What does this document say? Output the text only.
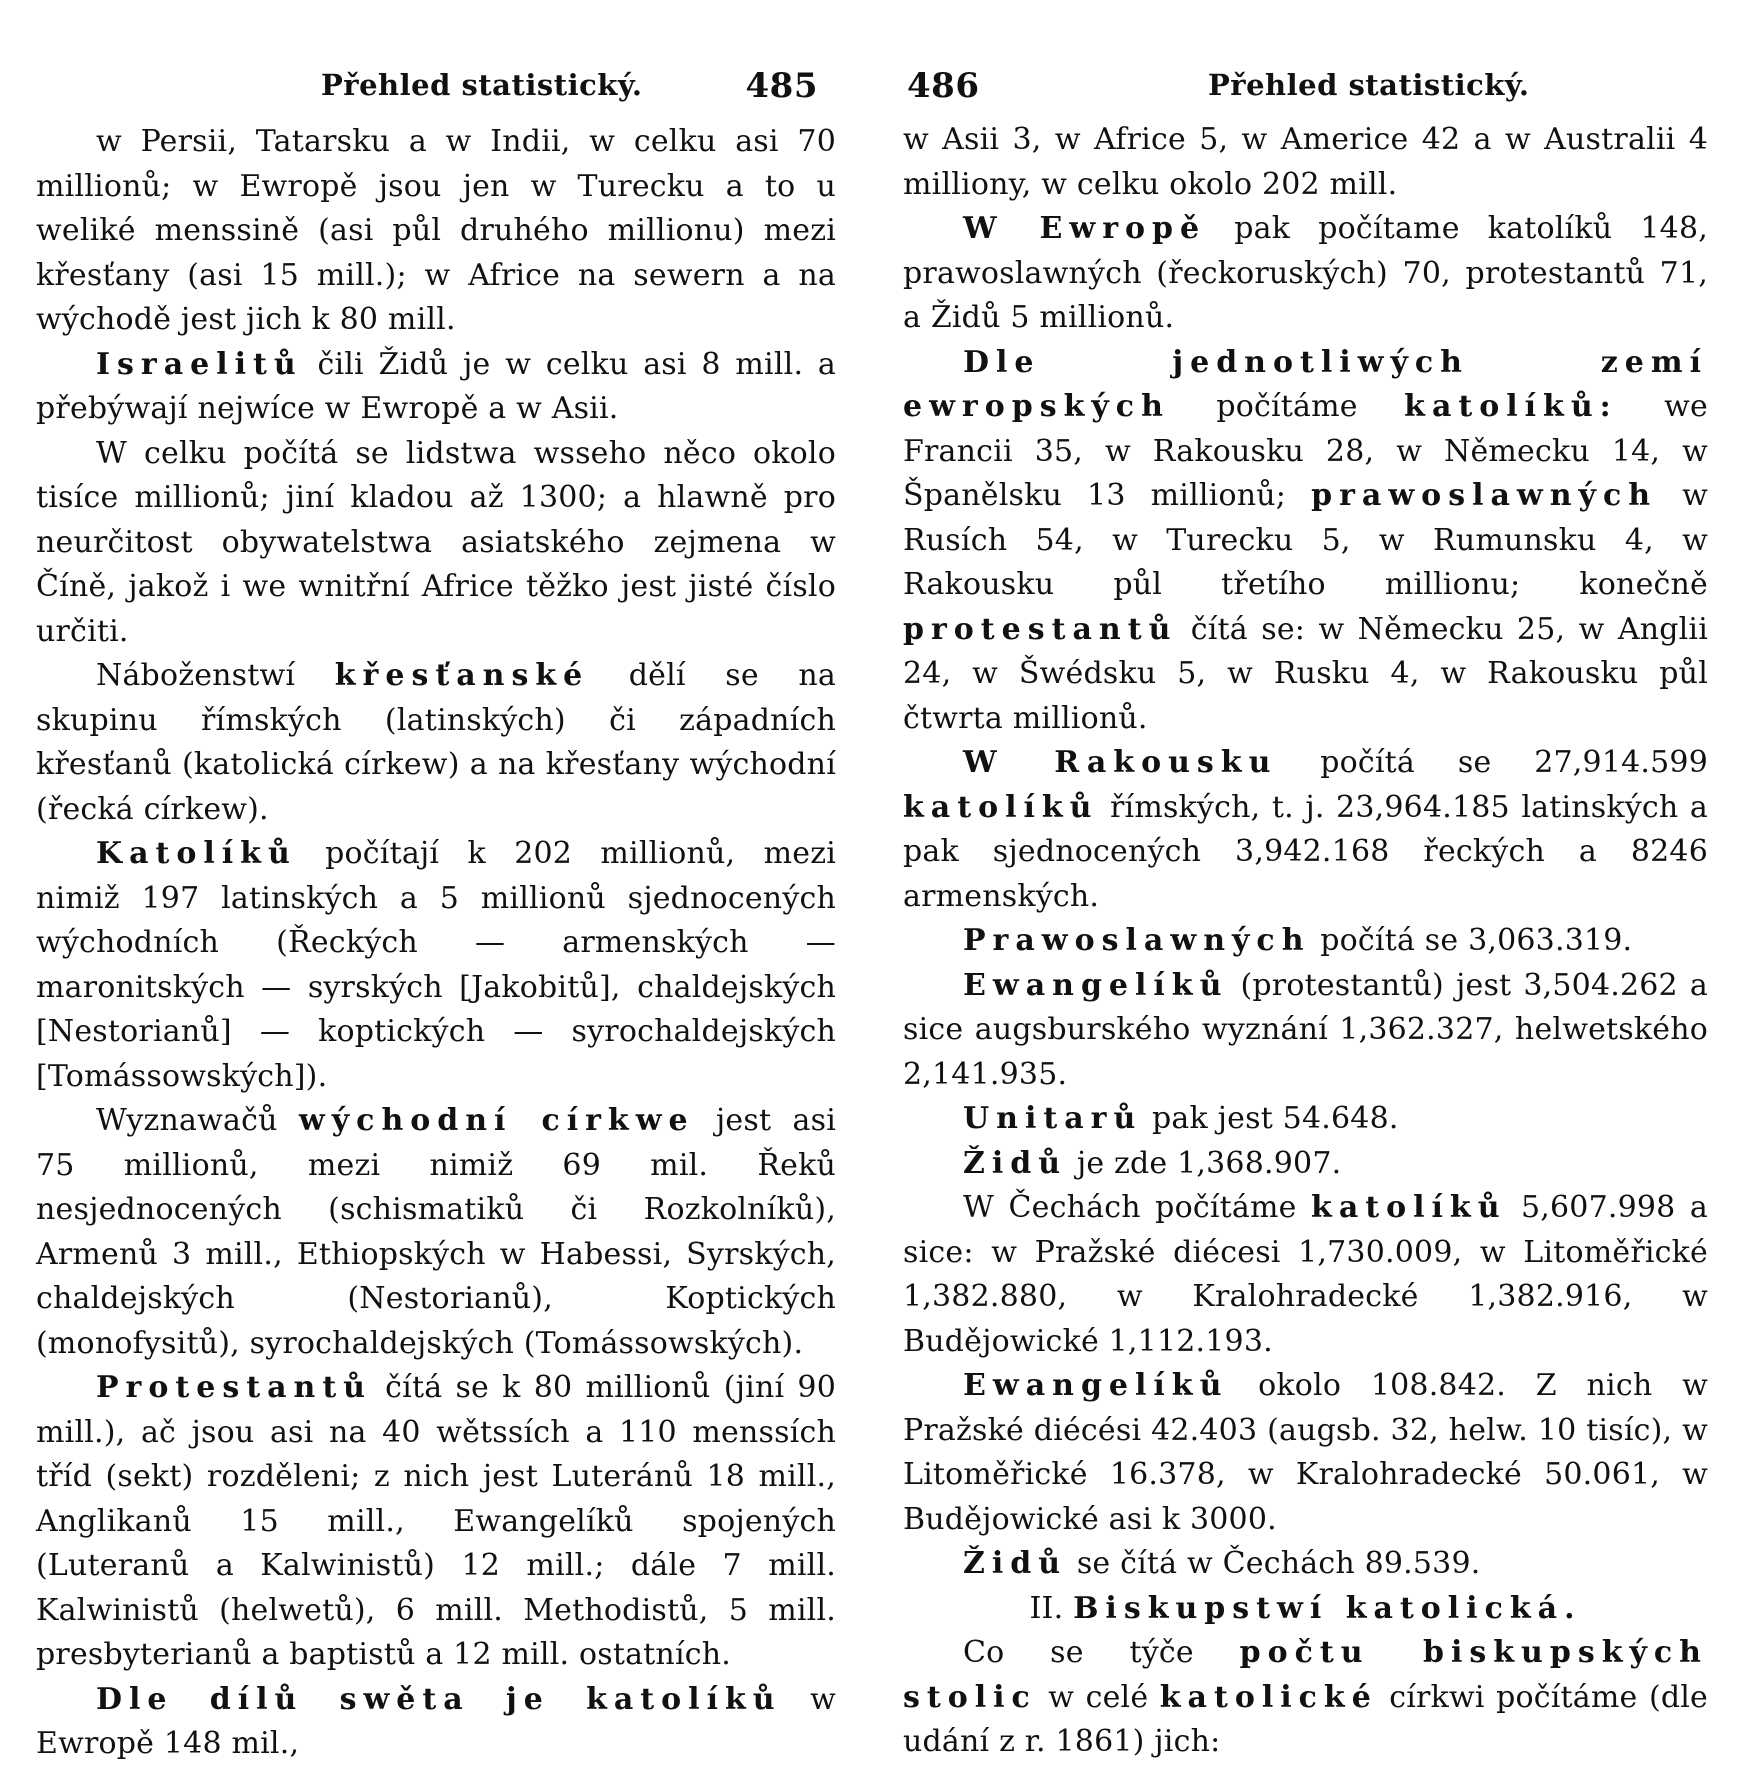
Přehled statistický.	485

w Persii, Tatarsku a w Indii, w celku asi 70 millionů; w Ewropě jsou jen w Turecku a to u weliké menssině (asi půl druhého millionu) mezi křesťany (asi 15 mill.); w Africe na sewern a na wýchodě jest jich k 80 mill.

Israelitů čili Židů je w celku asi 8 mill. a přebýwají nejwíce w Ewropě a w Asii.

W celku počítá se lidstwa wsseho něco okolo tisíce millionů; jiní kladou až 1300; a hlawně pro neurčitost obywatelstwa asiatského zejmena w Číně, jakož i we wnitřní Africe těžko jest jisté číslo určiti.

Náboženstwí křesťanské dělí se na skupinu římských (latinských) či západních křesťanů (katolická církew) a na křesťany wýchodní (řecká církew).

Katolíků počítají k 202 millionů, mezi nimiž 197 latinských a 5 millionů sjednocených wýchodních (Řeckých — armenských — maronitských — syrských [Jakobitů], chaldejských [Nestorianů] — koptických — syrochaldejských [Tomássowských]).

Wyznawačů wýchodní církwe jest asi 75 millionů, mezi nimiž 69 mil. Řeků nesjednocených (schismatiků či Rozkolníků), Armenů 3 mill., Ethiopských w Habessi, Syrských, chaldejských (Nestorianů), Koptických (monofysitů), syrochaldejských (Tomássowských).

Protestantů čítá se k 80 millionů (jiní 90 mill.), ač jsou asi na 40 wětssích a 110 menssích tříd (sekt) rozděleni; z nich jest Luteránů 18 mill., Anglikanů 15 mill., Ewangelíků spojených (Luteranů a Kalwinistů) 12 mill.; dále 7 mill. Kalwinistů (helwetů), 6 mill. Methodistů, 5 mill. presbyterianů a baptistů a 12 mill. ostatních.

Dle dílů swěta je katolíků w Ewropě 148 mil.,

486	Přehled statistický.

w Asii 3, w Africe 5, w Americe 42 a w Australii 4 milliony, w celku okolo 202 mill.

W Ewropě pak počítame katolíků 148, prawoslawných (řeckoruských) 70, protestantů 71, a Židů 5 millionů.

Dle jednotliwých zemí ewropských počítáme katolíků: we Francii 35, w Rakousku 28, w Německu 14, w Španělsku 13 millionů; prawoslawných w Rusích 54, w Turecku 5, w Rumunsku 4, w Rakousku půl třetího millionu; konečně protestantů čítá se: w Německu 25, w Anglii 24, w Šwédsku 5, w Rusku 4, w Rakousku půl čtwrta millionů.

W Rakousku počítá se 27,914.599 katolíků římských, t. j. 23,964.185 latinských a pak sjednocených 3,942.168 řeckých a 8246 armenských.

Prawoslawných počítá se 3,063.319.

Ewangelíků (protestantů) jest 3,504.262 a sice augsburského wyznání 1,362.327, helwetského 2,141.935.

Unitarů pak jest 54.648.

Židů je zde 1,368.907.

W Čechách počítáme katolíků 5,607.998 a sice: w Pražské diécesi 1,730.009, w Litoměřické 1,382.880, w Kralohradecké 1,382.916, w Budějowické 1,112.193.

Ewangelíků okolo 108.842. Z nich w Pražské diécési 42.403 (augsb. 32, helw. 10 tisíc), w Litoměřické 16.378, w Kralohradecké 50.061, w Budějowické asi k 3000.

Židů se čítá w Čechách 89.539.

II. Biskupstwí katolická.

Co se týče počtu biskupských stolic w celé katolické církwi počítáme (dle udání z r. 1861) jich:
